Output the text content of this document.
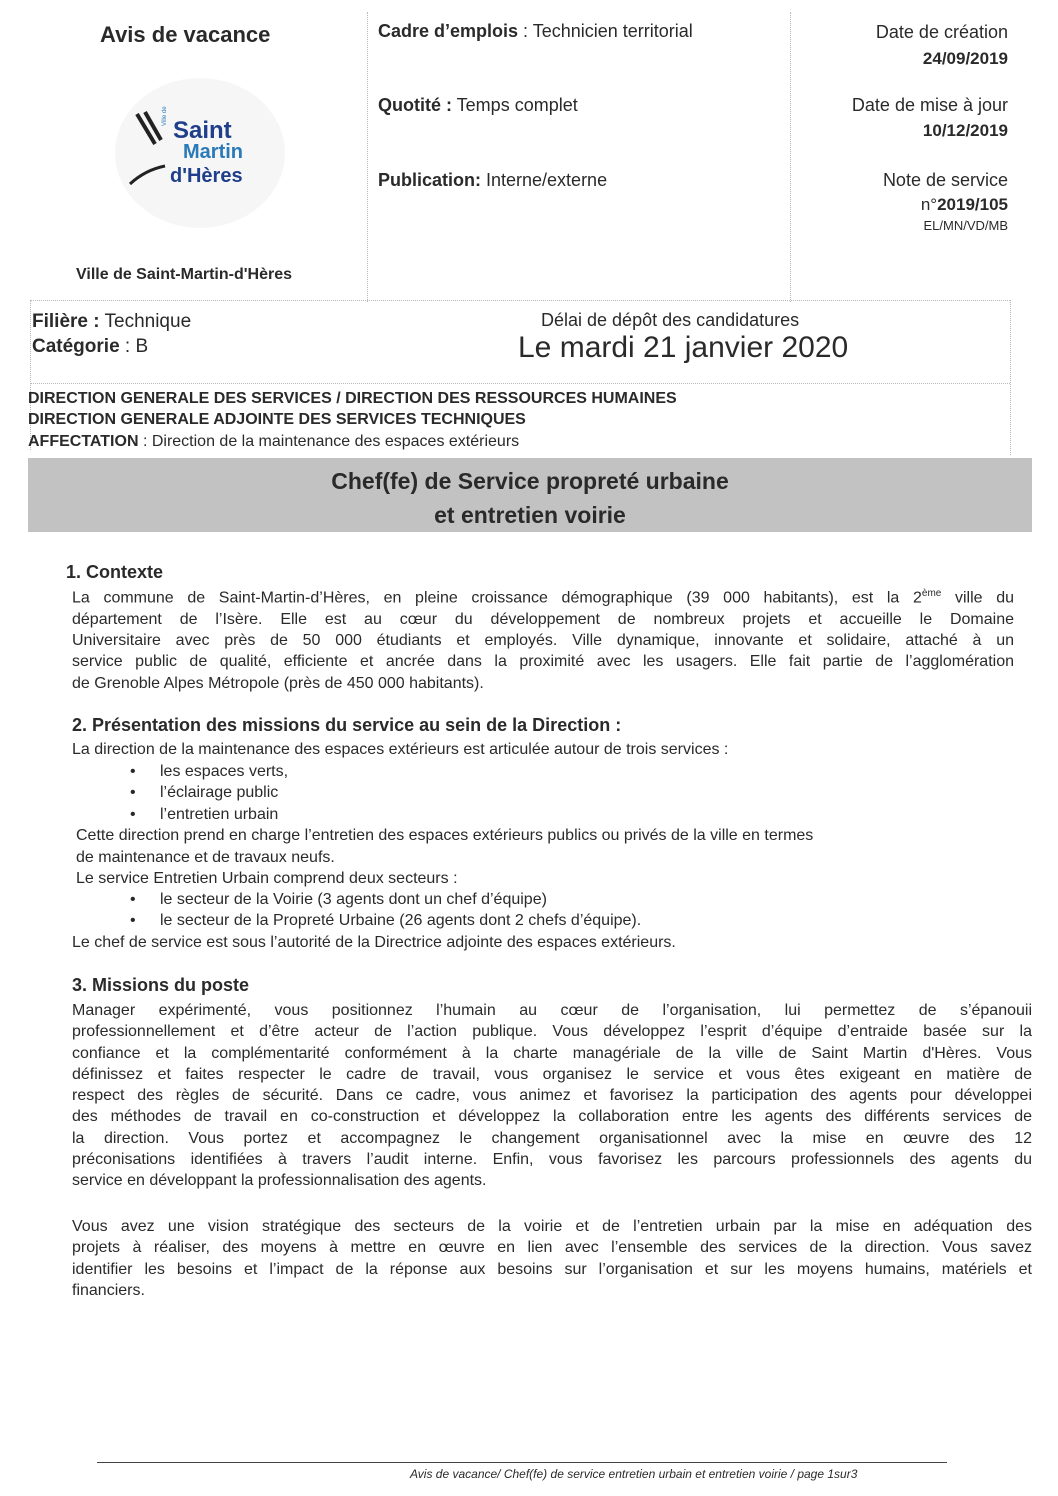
Avis de vacance
Ville de
Saint
Martin
d'Hères
Ville de Saint-Martin-d'Hères
Cadre d’emplois : Technicien territorial
Quotité : Temps complet
Publication: Interne/externe
Date de création
24/09/2019
Date de mise à jour
10/12/2019
Note de service
n°2019/105
EL/MN/VD/MB
Filière : Technique
Catégorie : B
Délai de dépôt des candidatures
Le mardi 21 janvier 2020
DIRECTION GENERALE DES SERVICES / DIRECTION DES RESSOURCES HUMAINES
DIRECTION GENERALE ADJOINTE DES SERVICES TECHNIQUES
AFFECTATION : Direction de la maintenance des espaces extérieurs
Chef(fe) de Service propreté urbaine
et entretien voirie
1. Contexte
La commune de Saint-Martin-d’Hères, en pleine croissance démographique (39 000 habitants), est la 2ème ville du
département de l’Isère. Elle est au cœur du développement de nombreux projets et accueille le Domaine
Universitaire avec près de 50 000 étudiants et employés. Ville dynamique, innovante et solidaire, attaché à un
service public de qualité, efficiente et ancrée dans la proximité avec les usagers. Elle fait partie de l’agglomération
de Grenoble Alpes Métropole (près de 450 000 habitants).
2. Présentation des missions du service au sein de la Direction :
La direction de la maintenance des espaces extérieurs est articulée autour de trois services :
• les espaces verts,
• l’éclairage public
• l’entretien urbain
Cette direction prend en charge l’entretien des espaces extérieurs publics ou privés de la ville en termes
de maintenance et de travaux neufs.
Le service Entretien Urbain comprend deux secteurs :
• le secteur de la Voirie (3 agents dont un chef d’équipe)
• le secteur de la Propreté Urbaine (26 agents dont 2 chefs d’équipe).
Le chef de service est sous l’autorité de la Directrice adjointe des espaces extérieurs.
3. Missions du poste
Manager expérimenté, vous positionnez l’humain au cœur de l’organisation, lui permettez de s’épanouii
professionnellement et d’être acteur de l’action publique. Vous développez l’esprit d’équipe d’entraide basée sur la
confiance et la complémentarité conformément à la charte managériale de la ville de Saint Martin d'Hères. Vous
définissez et faites respecter le cadre de travail, vous organisez le service et vous êtes exigeant en matière de
respect des règles de sécurité. Dans ce cadre, vous animez et favorisez la participation des agents pour développei
des méthodes de travail en co-construction et développez la collaboration entre les agents des différents services de
la direction. Vous portez et accompagnez le changement organisationnel avec la mise en œuvre des 12
préconisations identifiées à travers l’audit interne. Enfin, vous favorisez les parcours professionnels des agents du
service en développant la professionnalisation des agents.
Vous avez une vision stratégique des secteurs de la voirie et de l’entretien urbain par la mise en adéquation des
projets à réaliser, des moyens à mettre en œuvre en lien avec l’ensemble des services de la direction. Vous savez
identifier les besoins et l’impact de la réponse aux besoins sur l’organisation et sur les moyens humains, matériels et
financiers.
Avis de vacance/ Chef(fe) de service entretien urbain et entretien voirie / page 1sur3
